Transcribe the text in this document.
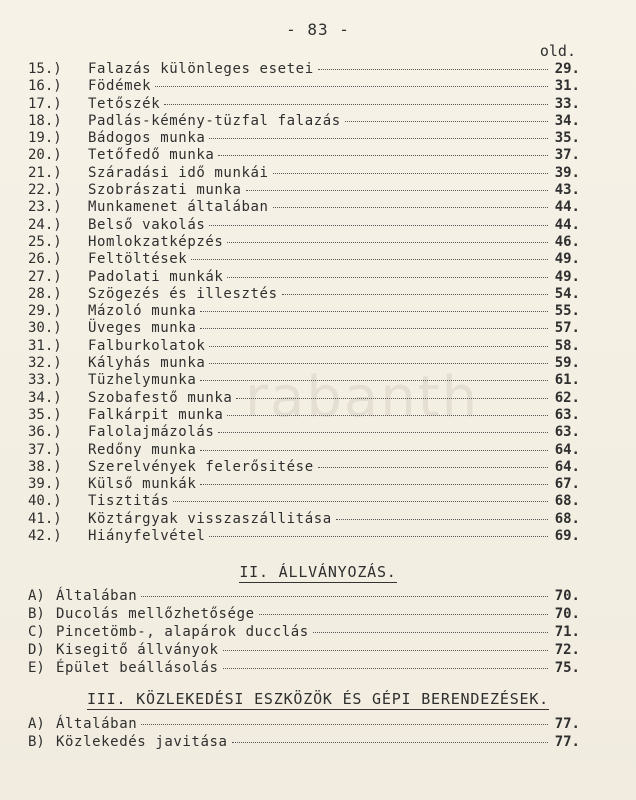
rabanth
- 83 -
old.
15.)	Falazás különleges esetei	29.
16.)	Födémek	31.
17.)	Tetőszék	33.
18.)	Padlás-kémény-tüzfal falazás	34.
19.)	Bádogos munka	35.
20.)	Tetőfedő munka	37.
21.)	Száradási idő munkái	39.
22.)	Szobrászati munka	43.
23.)	Munkamenet általában	44.
24.)	Belső vakolás	44.
25.)	Homlokzatképzés	46.
26.)	Feltöltések	49.
27.)	Padolati munkák	49.
28.)	Szögezés és illesztés	54.
29.)	Mázoló munka	55.
30.)	Üveges munka	57.
31.)	Falburkolatok	58.
32.)	Kályhás munka	59.
33.)	Tüzhelymunka	61.
34.)	Szobafestő munka	62.
35.)	Falkárpit munka	63.
36.)	Falolajmázolás	63.
37.)	Redőny munka	64.
38.)	Szerelvények felerősitése	64.
39.)	Külső munkák	67.
40.)	Tisztitás	68.
41.)	Köztárgyak visszaszállitása	68.
42.)	Hiányfelvétel	69.
II. ÁLLVÁNYOZÁS.
A) Általában	70.
B) Ducolás mellőzhetősége	70.
C) Pincetömb-, alapárok ducclás	71.
D) Kisegitő állványok	72.
E) Épület beállásolás	75.
III. KÖZLEKEDÉSI ESZKÖZÖK ÉS GÉPI BERENDEZÉSEK.
A) Általában	77.
B) Közlekedés javitása	77.
